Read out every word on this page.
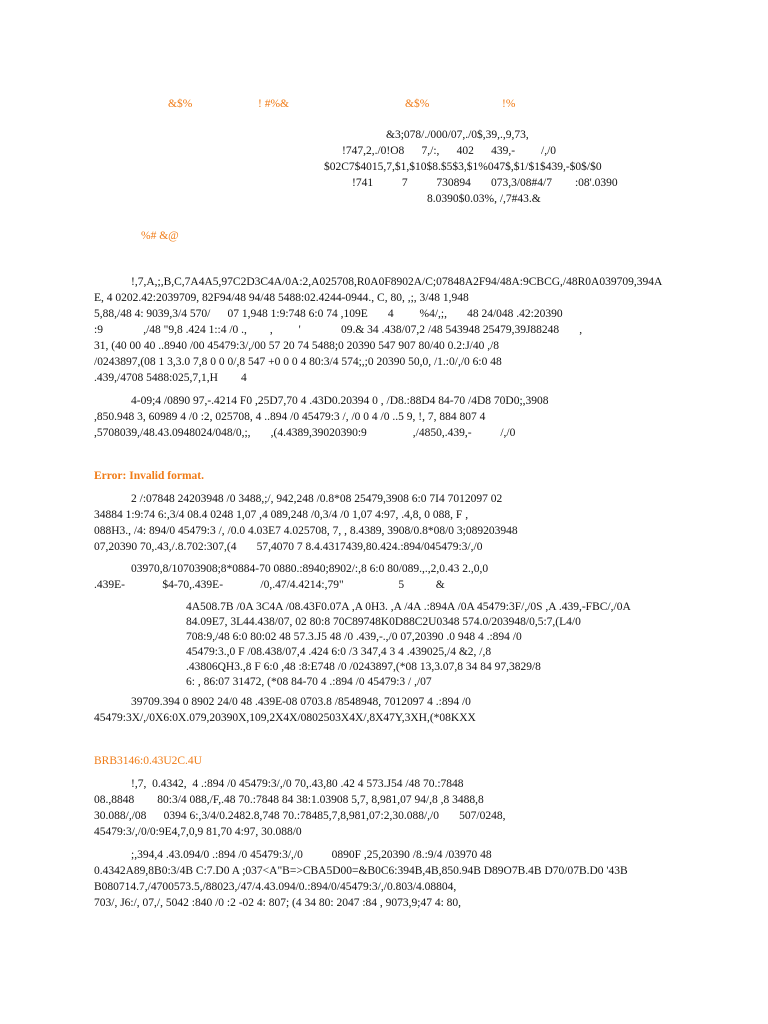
&$%	! #%&	&$%	!%
&3;078/./000/07,./0$,39,.,9,73,
!747,2,./0!O8      7,/:,      402      439,-         /,/0
$02C7$4015,7,$1,$10$8.$5$3,$1%047$,$1/$1$439,-$0$/$0
!741          7          730894       073,3/08#4/7        :08'.0390
8.0390$0.03%, /,7#43.&
%# &@
!,7,A,;,B,C,7A4A5,97C2D3C4A/0A:2,A025708,R0A0F8902A/C;07848A2F94/48A:9CBCG,/48R0A039709,394A
E, 4 0202.42:2039709, 82F94/48 94/48 5488:02.4244-0944., C, 80, ,;, 3/48 1,948
5,88,/48 4: 9039,3/4 570/      07 1,948 1:9:748 6:0 74 ,109E       4         %4/,;,       48 24/048 .42:20390
:9              ,/48 "9,8 .424 1::4 /0 .,        ,         '              09.& 34 .438/07,2 /48 543948 25479,39J88248       ,
31, (40 00 40 ..8940 /00 45479:3/,/00 57 20 74 5488;0 20390 547 907 80/40 0.2:J/40 ,/8
/0243897,(08 1 3,3.0 7,8 0 0 0/,8 547 +0 0 0 4 80:3/4 574;,;0 20390 50,0, /1.:0/,/0 6:0 48
.439,/4708 5488:025,7,1,H        4
4-09;4 /0890 97,-.4214 F0 ,25D7,70 4 .43D0.20394 0 , /D8.:88D4 84-70 /4D8 70D0;,3908
,850.948 3, 60989 4 /0 :2, 025708, 4 ..894 /0 45479:3 /, /0 0 4 /0 ..5 9, !, 7, 884 807 4
,5708039,/48.43.0948024/048/0,;,       ,(4.4389,39020390:9                ,/4850,.439,-          /,/0
Error: Invalid format.
2 /:07848 24203948 /0 3488,;/, 942,248 /0.8*08 25479,3908 6:0 7I4 7012097 02
34884 1:9:74 6:,3/4 08.4 0248 1,07 ,4 089,248 /0,3/4 /0 1,07 4:97, .4,8, 0 088, F ,
088H3., /4: 894/0 45479:3 /, /0.0 4.03E7 4.025708, 7, , 8.4389, 3908/0.8*08/0 3;089203948
07,20390 70,.43,/.8.702:307,(4       57,4070 7 8.4.4317439,80.424.:894/045479:3/,/0
03970,8/10703908;8*0884-70 0880.:8940;8902/:,8 6:0 80/089.,.,2,0.43 2.,0,0
.439E-             $4-70,.439E-             /0,.47/4.4214:,79"                   5           &
4A508.7B /0A 3C4A /08.43F0.07A ,A 0H3. ,A /4A .:894A /0A 45479:3F/,/0S ,A .439,-FBC/,/0A
84.09E7, 3L44.438/07, 02 80:8 70C89748K0D88C2U0348 574.0/203948/0,5:7,(L4/0
708:9,/48 6:0 80:02 48 57.3.J5 48 /0 .439,-.,/0 07,20390 .0 948 4 .:894 /0
45479:3.,0 F /08.438/07,4 .424 6:0 /3 347,4 3 4 .439025,/4 &2, /,8
.43806QH3.,8 F 6:0 ,48 :8:E748 /0 /0243897,(*08 13,3.07,8 34 84 97,3829/8
6: , 86:07 31472, (*08 84-70 4 .:894 /0 45479:3 / ,/07
39709.394 0 8902 24/0 48 .439E-08 0703.8 /8548948, 7012097 4 .:894 /0
45479:3X/,/0X6:0X.079,20390X,109,2X4X/0802503X4X/,8X47Y,3XH,(*08KXX
BRB3146:0.43U2C.4U
!,7,  0.4342,  4 .:894 /0 45479:3/,/0 70,.43,80 .42 4 573.J54 /48 70.:7848
08.,8848        80:3/4 088,/F,.48 70.:7848 84 38:1.03908 5,7, 8,981,07 94/,8 ,8 3488,8
30.088/,/08      0394 6:,3/4/0.2482.8,748 70.:78485,7,8,981,07:2,30.088/,/0       507/0248,
45479:3/,/0/0:9E4,7,0,9 81,70 4:97, 30.088/0
;,394,4 .43.094/0 .:894 /0 45479:3/,/0          0890F ,25,20390 /8.:9/4 /03970 48
0.4342A89,8B0:3/4B C:7.D0 A ;037<A"B=>CBA5D00=&B0C6:394B,4B,850.94B D89O7B.4B D70/07B.D0 '43B
B080714.7,/4700573.5,/88023,/47/4.43.094/0.:894/0/45479:3/,/0.803/4.08804,
703/, J6:/, 07,/, 5042 :840 /0 :2 -02 4: 807; (4 34 80: 2047 :84 , 9073,9;47 4: 80,
